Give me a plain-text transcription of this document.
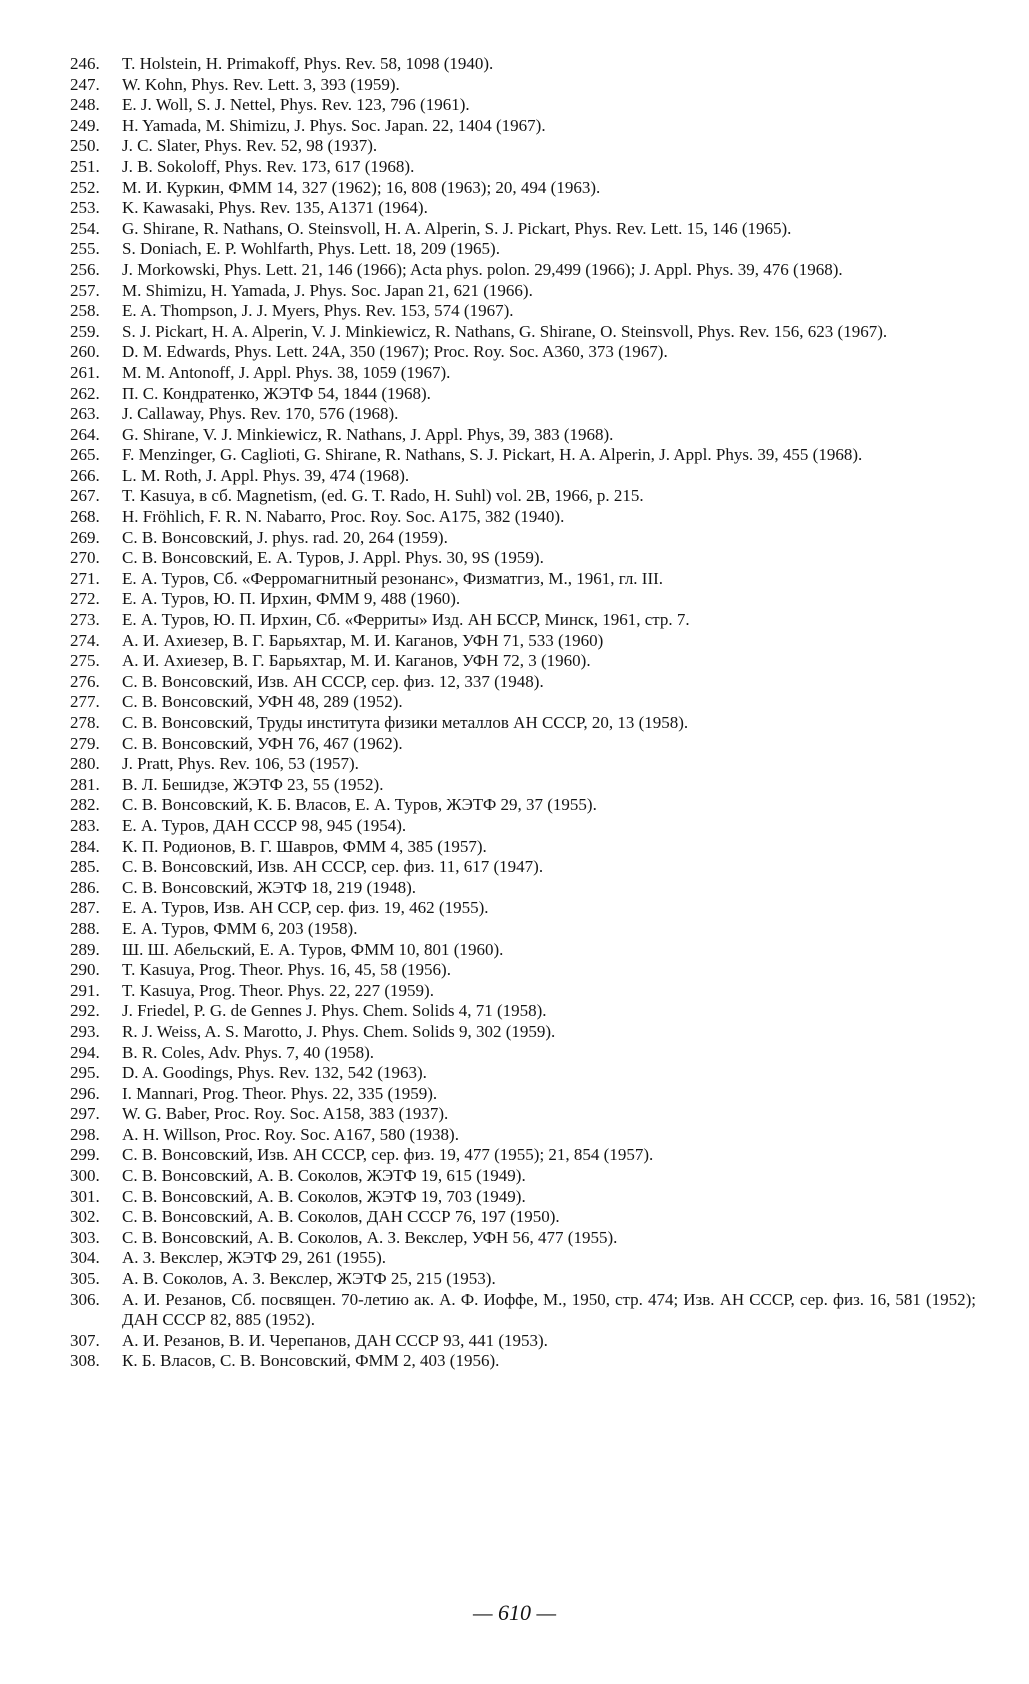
246.	T. Holstein, H. Primakoff, Phys. Rev. 58, 1098 (1940).
247.	W. Kohn, Phys. Rev. Lett. 3, 393 (1959).
248.	E. J. Woll, S. J. Nettel, Phys. Rev. 123, 796 (1961).
249.	H. Yamada, M. Shimizu, J. Phys. Soc. Japan. 22, 1404 (1967).
250.	J. C. Slater, Phys. Rev. 52, 98 (1937).
251.	J. B. Sokoloff, Phys. Rev. 173, 617 (1968).
252.	М. И. Куркин, ФММ 14, 327 (1962); 16, 808 (1963); 20, 494 (1963).
253.	K. Kawasaki, Phys. Rev. 135, A1371 (1964).
254.	G. Shirane, R. Nathans, O. Steinsvoll, H. A. Alperin, S. J. Pickart, Phys. Rev. Lett. 15, 146 (1965).
255.	S. Doniach, E. P. Wohlfarth, Phys. Lett. 18, 209 (1965).
256.	J. Morkowski, Phys. Lett. 21, 146 (1966); Acta phys. polon. 29,499 (1966); J. Appl. Phys. 39, 476 (1968).
257.	M. Shimizu, H. Yamada, J. Phys. Soc. Japan 21, 621 (1966).
258.	E. A. Thompson, J. J. Myers, Phys. Rev. 153, 574 (1967).
259.	S. J. Pickart, H. A. Alperin, V. J. Minkiewicz, R. Nathans, G. Shirane, O. Steinsvoll, Phys. Rev. 156, 623 (1967).
260.	D. M. Edwards, Phys. Lett. 24A, 350 (1967); Proc. Roy. Soc. A360, 373 (1967).
261.	M. M. Antonoff, J. Appl. Phys. 38, 1059 (1967).
262.	П. С. Кондратенко, ЖЭТФ 54, 1844 (1968).
263.	J. Callaway, Phys. Rev. 170, 576 (1968).
264.	G. Shirane, V. J. Minkiewicz, R. Nathans, J. Appl. Phys, 39, 383 (1968).
265.	F. Menzinger, G. Caglioti, G. Shirane, R. Nathans, S. J. Pickart, H. A. Alperin, J. Appl. Phys. 39, 455 (1968).
266.	L. M. Roth, J. Appl. Phys. 39, 474 (1968).
267.	T. Kasuya, в сб. Magnetism, (ed. G. T. Rado, H. Suhl) vol. 2B, 1966, p. 215.
268.	H. Fröhlich, F. R. N. Nabarro, Proc. Roy. Soc. A175, 382 (1940).
269.	С. В. Вонсовский, J. phys. rad. 20, 264 (1959).
270.	С. В. Вонсовский, Е. А. Туров, J. Appl. Phys. 30, 9S (1959).
271.	Е. А. Туров, Сб. «Ферромагнитный резонанс», Физматгиз, М., 1961, гл. III.
272.	Е. А. Туров, Ю. П. Ирхин, ФММ 9, 488 (1960).
273.	Е. А. Туров, Ю. П. Ирхин, Сб. «Ферриты» Изд. АН БССР, Минск, 1961, стр. 7.
274.	А. И. Ахиезер, В. Г. Барьяхтар, М. И. Каганов, УФН 71, 533 (1960)
275.	А. И. Ахиезер, В. Г. Барьяхтар, М. И. Каганов, УФН 72, 3 (1960).
276.	С. В. Вонсовский, Изв. АН СССР, сер. физ. 12, 337 (1948).
277.	С. В. Вонсовский, УФН 48, 289 (1952).
278.	С. В. Вонсовский, Труды института физики металлов АН СССР, 20, 13 (1958).
279.	С. В. Вонсовский, УФН 76, 467 (1962).
280.	J. Pratt, Phys. Rev. 106, 53 (1957).
281.	В. Л. Бешидзе, ЖЭТФ 23, 55 (1952).
282.	С. В. Вонсовский, К. Б. Власов, Е. А. Туров, ЖЭТФ 29, 37 (1955).
283.	Е. А. Туров, ДАН СССР 98, 945 (1954).
284.	К. П. Родионов, В. Г. Шавров, ФММ 4, 385 (1957).
285.	С. В. Вонсовский, Изв. АН СССР, сер. физ. 11, 617 (1947).
286.	С. В. Вонсовский, ЖЭТФ 18, 219 (1948).
287.	Е. А. Туров, Изв. АН ССР, сер. физ. 19, 462 (1955).
288.	Е. А. Туров, ФММ 6, 203 (1958).
289.	Ш. Ш. Абельский, Е. А. Туров, ФММ 10, 801 (1960).
290.	T. Kasuya, Prog. Theor. Phys. 16, 45, 58 (1956).
291.	T. Kasuya, Prog. Theor. Phys. 22, 227 (1959).
292.	J. Friedel, P. G. de Gennes J. Phys. Chem. Solids 4, 71 (1958).
293.	R. J. Weiss, A. S. Marotto, J. Phys. Chem. Solids 9, 302 (1959).
294.	B. R. Coles, Adv. Phys. 7, 40 (1958).
295.	D. A. Goodings, Phys. Rev. 132, 542 (1963).
296.	I. Mannari, Prog. Theor. Phys. 22, 335 (1959).
297.	W. G. Baber, Proc. Roy. Soc. A158, 383 (1937).
298.	A. H. Willson, Proc. Roy. Soc. A167, 580 (1938).
299.	С. В. Вонсовский, Изв. АН СССР, сер. физ. 19, 477 (1955); 21, 854 (1957).
300.	С. В. Вонсовский, А. В. Соколов, ЖЭТФ 19, 615 (1949).
301.	С. В. Вонсовский, А. В. Соколов, ЖЭТФ 19, 703 (1949).
302.	С. В. Вонсовский, А. В. Соколов, ДАН СССР 76, 197 (1950).
303.	С. В. Вонсовский, А. В. Соколов, А. З. Векслер, УФН 56, 477 (1955).
304.	А. З. Векслер, ЖЭТФ 29, 261 (1955).
305.	А. В. Соколов, А. З. Векслер, ЖЭТФ 25, 215 (1953).
306.	А. И. Резанов, Сб. посвящен. 70-летию ак. А. Ф. Иоффе, М., 1950, стр. 474; Изв. АН СССР, сер. физ. 16, 581 (1952); ДАН СССР 82, 885 (1952).
307.	А. И. Резанов, В. И. Черепанов, ДАН СССР 93, 441 (1953).
308.	К. Б. Власов, С. В. Вонсовский, ФММ 2, 403 (1956).
— 610 —
